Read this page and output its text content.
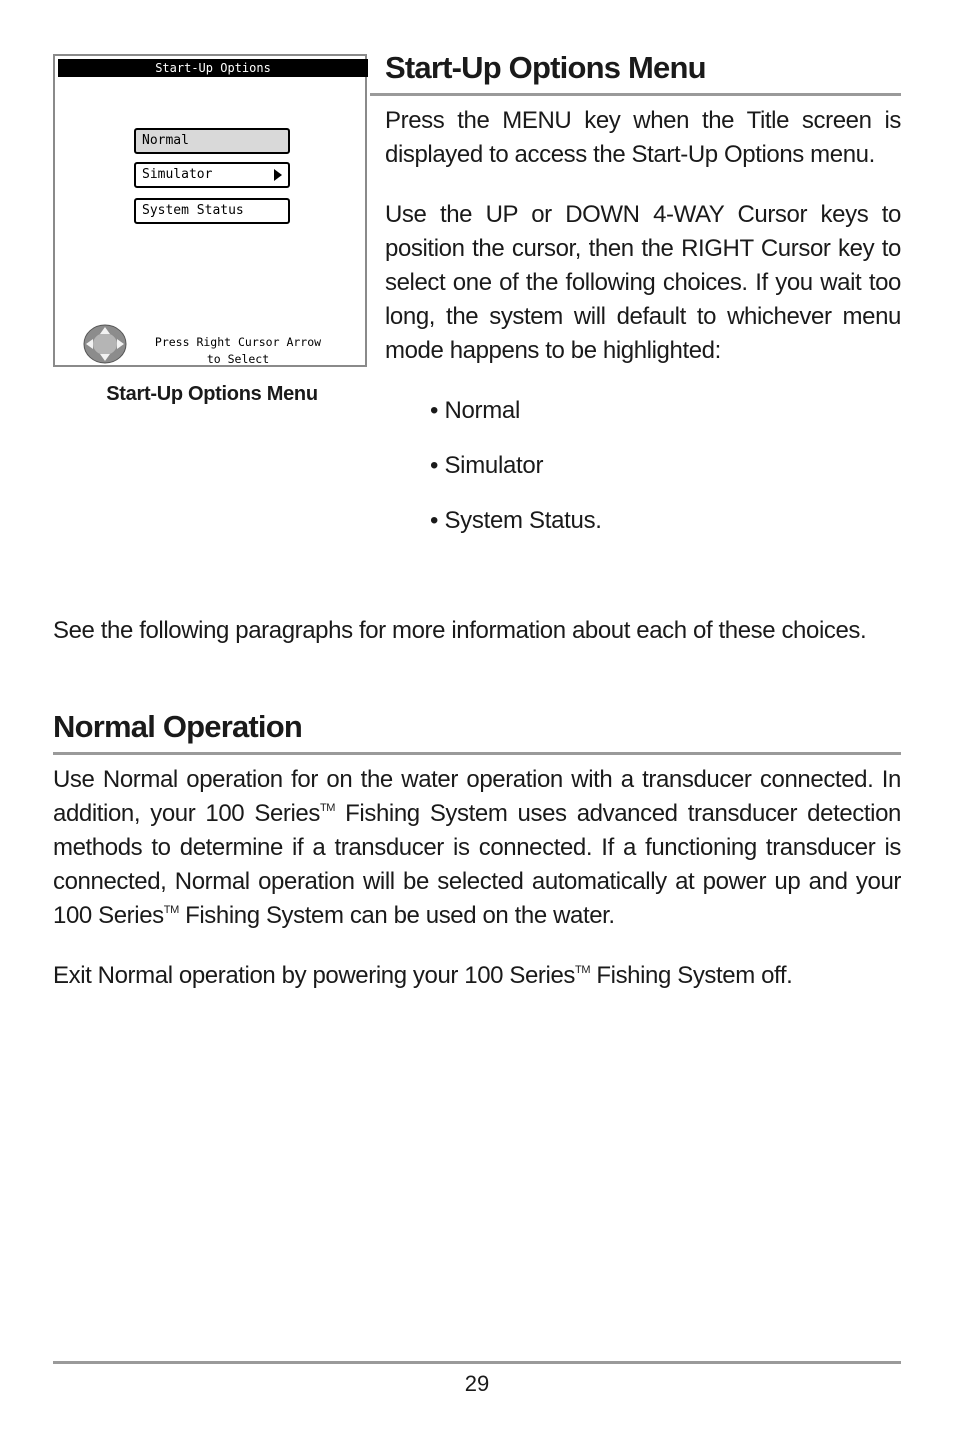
Start-Up Options
Normal
Simulator
System Status
Press Right Cursor Arrow
to Select
Start-Up Options Menu
Start-Up Options Menu
Press the MENU key when the Title screen is displayed to access the Start-Up Options menu.
Use the UP or DOWN 4-WAY Cursor keys to position the cursor, then the RIGHT Cursor key to select one of the following choices. If you wait too long, the system will default to whichever menu mode happens to be highlighted:
• Normal
• Simulator
• System Status.
See the following paragraphs for more information about each of these choices.
Normal Operation
Use Normal operation for on the water operation with a transducer connected. In addition, your 100 Series™ Fishing System uses advanced transducer detection methods to determine if a transducer is connected. If a functioning transducer is connected, Normal operation will be selected automatically at power up and your 100 Series™ Fishing System can be used on the water.
Exit Normal operation by powering your 100 Series™ Fishing System off.
29
